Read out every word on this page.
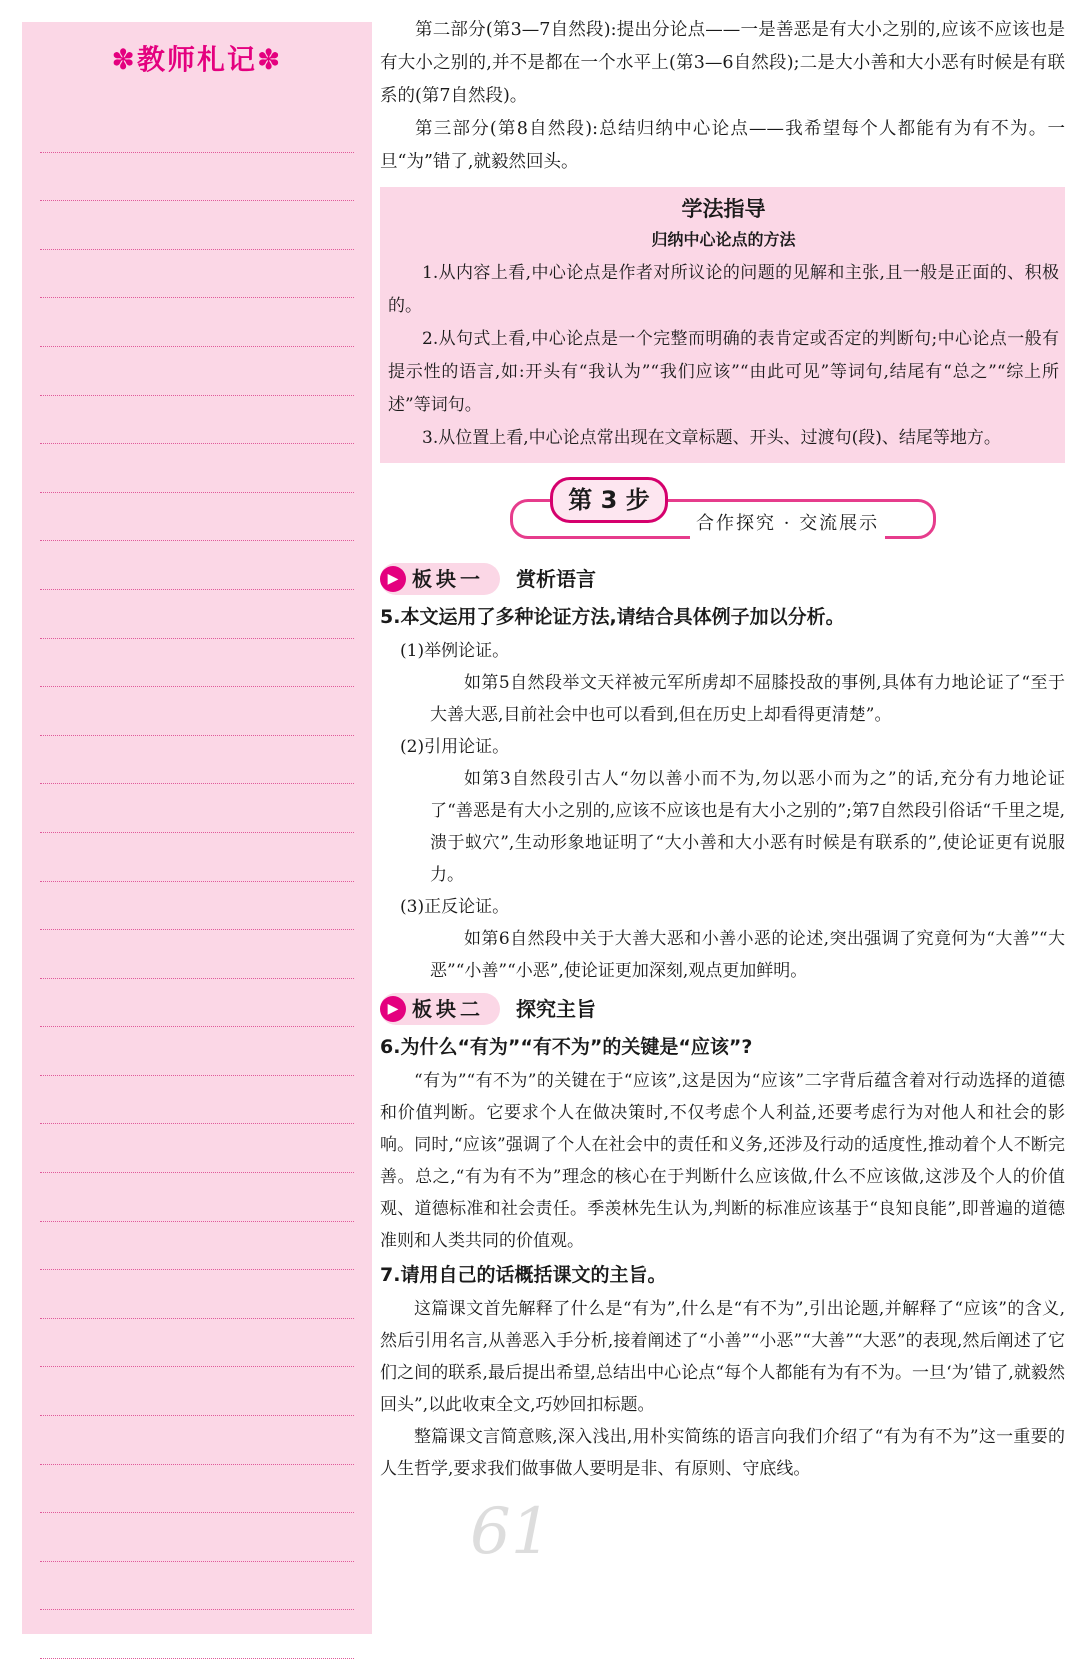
✽教师札记✽

第二部分(第3—7自然段):提出分论点——一是善恶是有大小之别的,应该不应该也是有大小之别的,并不是都在一个水平上(第3—6自然段);二是大小善和大小恶有时候是有联系的(第7自然段)。

第三部分(第8自然段):总结归纳中心论点——我希望每个人都能有为有不为。一旦“为”错了,就毅然回头。

学法指导
归纳中心论点的方法

1.从内容上看,中心论点是作者对所议论的问题的见解和主张,且一般是正面的、积极的。

2.从句式上看,中心论点是一个完整而明确的表肯定或否定的判断句;中心论点一般有提示性的语言,如:开头有“我认为”“我们应该”“由此可见”等词句,结尾有“总之”“综上所述”等词句。

3.从位置上看,中心论点常出现在文章标题、开头、过渡句(段)、结尾等地方。

第 3 步
合作探究 · 交流展示
▶ 板块一 赏析语言

5.本文运用了多种论证方法,请结合具体例子加以分析。

(1)举例论证。

如第5自然段举文天祥被元军所虏却不屈膝投敌的事例,具体有力地论证了“至于大善大恶,目前社会中也可以看到,但在历史上却看得更清楚”。

(2)引用论证。

如第3自然段引古人“勿以善小而不为,勿以恶小而为之”的话,充分有力地论证了“善恶是有大小之别的,应该不应该也是有大小之别的”;第7自然段引俗话“千里之堤,溃于蚁穴”,生动形象地证明了“大小善和大小恶有时候是有联系的”,使论证更有说服力。

(3)正反论证。

如第6自然段中关于大善大恶和小善小恶的论述,突出强调了究竟何为“大善”“大恶”“小善”“小恶”,使论证更加深刻,观点更加鲜明。

▶ 板块二 探究主旨

6.为什么“有为”“有不为”的关键是“应该”?

“有为”“有不为”的关键在于“应该”,这是因为“应该”二字背后蕴含着对行动选择的道德和价值判断。它要求个人在做决策时,不仅考虑个人利益,还要考虑行为对他人和社会的影响。同时,“应该”强调了个人在社会中的责任和义务,还涉及行动的适度性,推动着个人不断完善。总之,“有为有不为”理念的核心在于判断什么应该做,什么不应该做,这涉及个人的价值观、道德标准和社会责任。季羡林先生认为,判断的标准应该基于“良知良能”,即普遍的道德准则和人类共同的价值观。

7.请用自己的话概括课文的主旨。

这篇课文首先解释了什么是“有为”,什么是“有不为”,引出论题,并解释了“应该”的含义,然后引用名言,从善恶入手分析,接着阐述了“小善”“小恶”“大善”“大恶”的表现,然后阐述了它们之间的联系,最后提出希望,总结出中心论点“每个人都能有为有不为。一旦‘为’错了,就毅然回头”,以此收束全文,巧妙回扣标题。

整篇课文言简意赅,深入浅出,用朴实简练的语言向我们介绍了“有为有不为”这一重要的人生哲学,要求我们做事做人要明是非、有原则、守底线。

61
